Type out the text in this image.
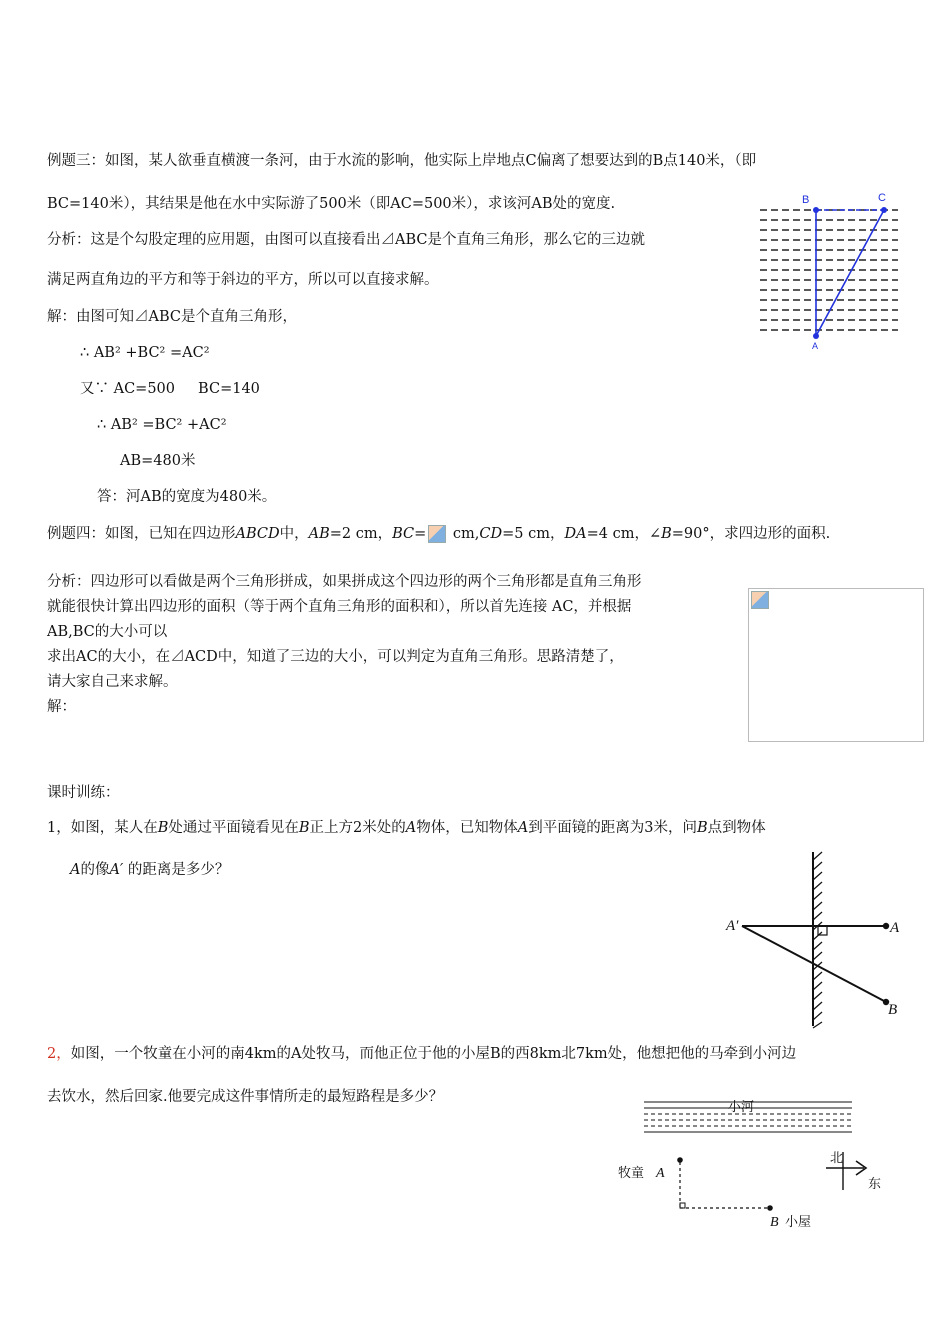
例题三：如图，某人欲垂直横渡一条河，由于水流的影响，他实际上岸地点C偏离了想要达到的B点140米，（即
BC=140米），其结果是他在水中实际游了500米（即AC=500米），求该河AB处的宽度.
分析：这是个勾股定理的应用题，由图可以直接看出⊿ABC是个直角三角形，那么它的三边就
满足两直角边的平方和等于斜边的平方，所以可以直接求解。
解：由图可知⊿ABC是个直角三角形，
∴ AB² +BC² =AC²
又∵ AC=500     BC=140
∴ AB² =BC² +AC²
AB=480米
答：河AB的宽度为480米。
B	C
A
例题四：如图，已知在四边形ABCD中，AB=2 cm，BC= cm,CD=5 cm，DA=4 cm，∠B=90°，求四边形的面积.
分析：四边形可以看做是两个三角形拼成，如果拼成这个四边形的两个三角形都是直角三角形
就能很快计算出四边形的面积（等于两个直角三角形的面积和），所以首先连接 AC，并根据
AB,BC的大小可以
求出AC的大小，在⊿ACD中，知道了三边的大小，可以判定为直角三角形。思路清楚了，
请大家自己来求解。
解：
课时训练：
1，如图，某人在B处通过平面镜看见在B正上方2米处的A物体，已知物体A到平面镜的距离为3米，问B点到物体
A的像A′ 的距离是多少？
A′	A
B
2，如图，一个牧童在小河的南4km的A处牧马，而他正位于他的小屋B的西8km北7km处，他想把他的马牵到小河边
去饮水，然后回家.他要完成这件事情所走的最短路程是多少？
小河
牧童 A
B 小屋
北
东
